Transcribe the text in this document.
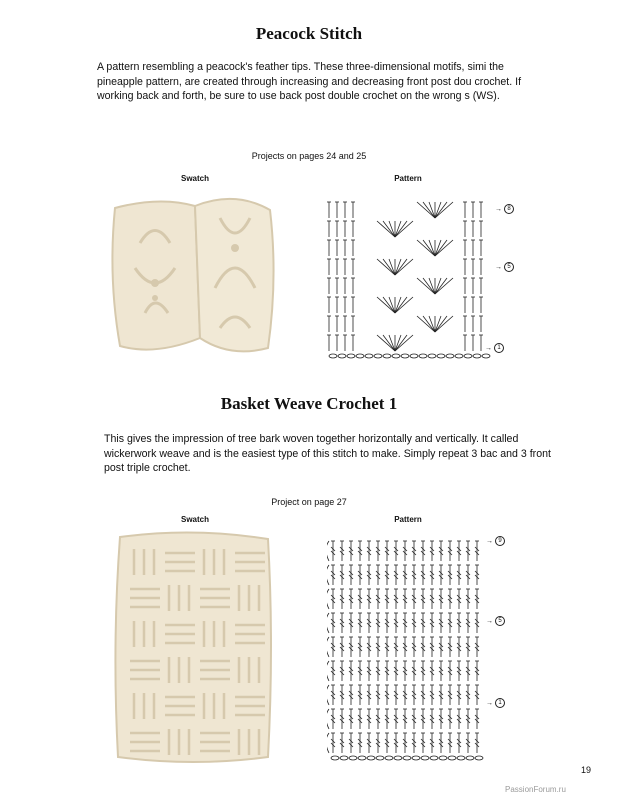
Peacock Stitch

A pattern resembling a peacock's feather tips. These three-dimensional motifs, simi the pineapple pattern, are created through increasing and decreasing front post dou crochet. If working back and forth, be sure to use back post double crochet on the wrong s (WS).

Projects on pages 24 and 25

Swatch	Pattern

→ 8
→ 5
→ 1
Basket Weave Crochet 1

This gives the impression of tree bark woven together horizontally and vertically. It called wickerwork weave and is the easiest type of this stitch to make. Simply repeat 3 bac and 3 front post triple crochet.

Project on page 27

Swatch	Pattern

→ 9
→ 5
→ 1
19
PassionForum.ru
